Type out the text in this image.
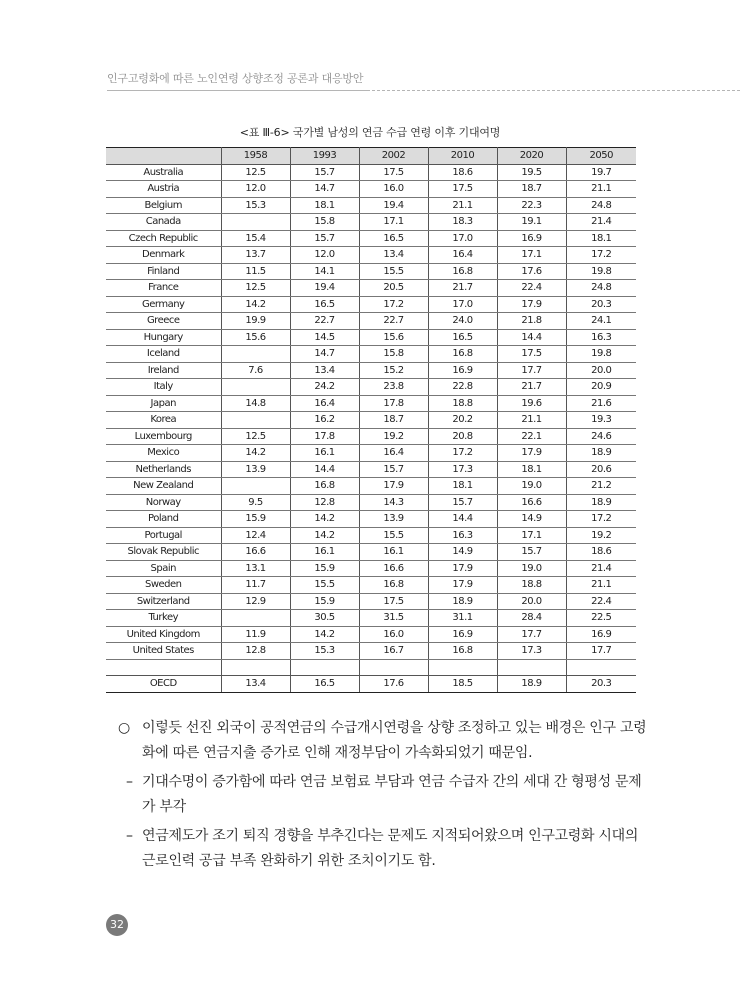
인구고령화에 따른 노인연령 상향조정 공론과 대응방안
<표 Ⅲ-6> 국가별 남성의 연금 수급 연령 이후 기대여명
	1958	1993	2002	2010	2020	2050
Australia	12.5	15.7	17.5	18.6	19.5	19.7
Austria	12.0	14.7	16.0	17.5	18.7	21.1
Belgium	15.3	18.1	19.4	21.1	22.3	24.8
Canada		15.8	17.1	18.3	19.1	21.4
Czech Republic	15.4	15.7	16.5	17.0	16.9	18.1
Denmark	13.7	12.0	13.4	16.4	17.1	17.2
Finland	11.5	14.1	15.5	16.8	17.6	19.8
France	12.5	19.4	20.5	21.7	22.4	24.8
Germany	14.2	16.5	17.2	17.0	17.9	20.3
Greece	19.9	22.7	22.7	24.0	21.8	24.1
Hungary	15.6	14.5	15.6	16.5	14.4	16.3
Iceland		14.7	15.8	16.8	17.5	19.8
Ireland	7.6	13.4	15.2	16.9	17.7	20.0
Italy		24.2	23.8	22.8	21.7	20.9
Japan	14.8	16.4	17.8	18.8	19.6	21.6
Korea		16.2	18.7	20.2	21.1	19.3
Luxembourg	12.5	17.8	19.2	20.8	22.1	24.6
Mexico	14.2	16.1	16.4	17.2	17.9	18.9
Netherlands	13.9	14.4	15.7	17.3	18.1	20.6
New Zealand		16.8	17.9	18.1	19.0	21.2
Norway	9.5	12.8	14.3	15.7	16.6	18.9
Poland	15.9	14.2	13.9	14.4	14.9	17.2
Portugal	12.4	14.2	15.5	16.3	17.1	19.2
Slovak Republic	16.6	16.1	16.1	14.9	15.7	18.6
Spain	13.1	15.9	16.6	17.9	19.0	21.4
Sweden	11.7	15.5	16.8	17.9	18.8	21.1
Switzerland	12.9	15.9	17.5	18.9	20.0	22.4
Turkey		30.5	31.5	31.1	28.4	22.5
United Kingdom	11.9	14.2	16.0	16.9	17.7	16.9
United States	12.8	15.3	16.7	16.8	17.3	17.7

OECD	13.4	16.5	17.6	18.5	18.9	20.3
○ 이렇듯 선진 외국이 공적연금의 수급개시연령을 상향 조정하고 있는 배경은 인구 고령화에 따른 연금지출 증가로 인해 재정부담이 가속화되었기 때문임.
– 기대수명이 증가함에 따라 연금 보험료 부담과 연금 수급자 간의 세대 간 형평성 문제가 부각
– 연금제도가 조기 퇴직 경향을 부추긴다는 문제도 지적되어왔으며 인구고령화 시대의 근로인력 공급 부족 완화하기 위한 조치이기도 함.
32
